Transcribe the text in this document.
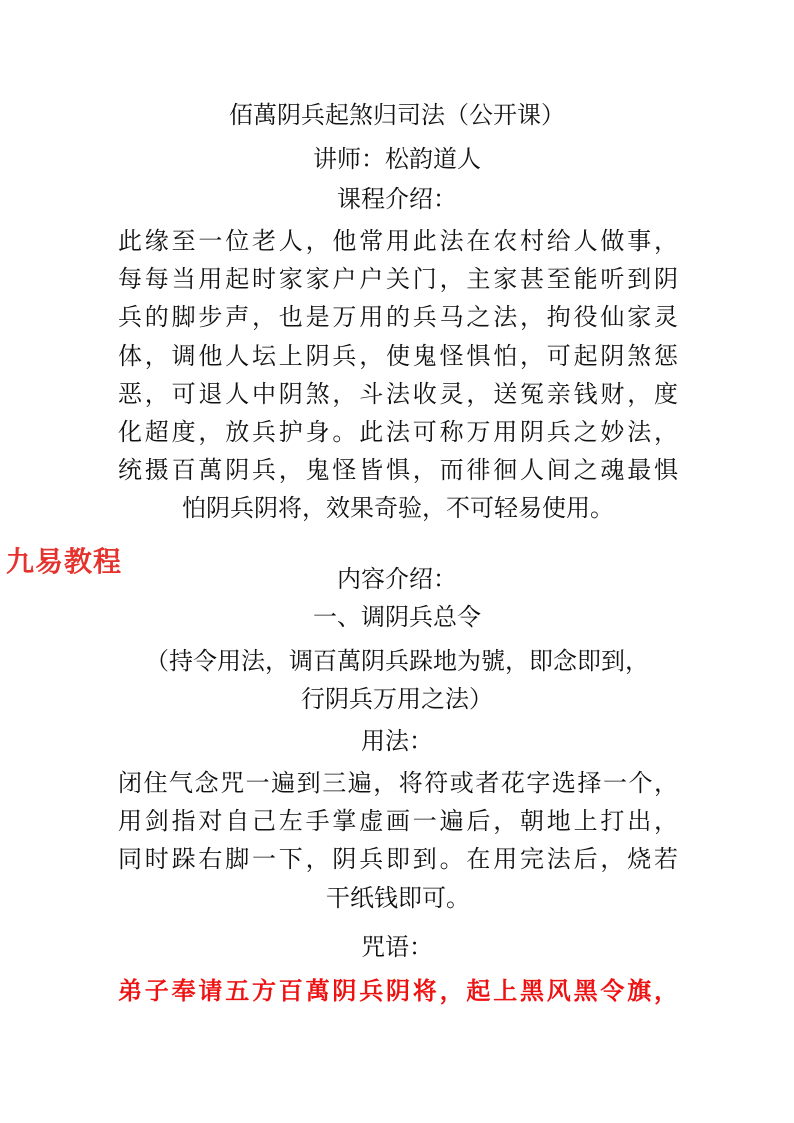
佰萬阴兵起煞归司法（公开课）
讲师：松韵道人
课程介绍：
此缘至一位老人，他常用此法在农村给人做事，
每每当用起时家家户户关门，主家甚至能听到阴
兵的脚步声，也是万用的兵马之法，拘役仙家灵
体，调他人坛上阴兵，使鬼怪惧怕，可起阴煞惩
恶，可退人中阴煞，斗法收灵，送冤亲钱财，度
化超度，放兵护身。此法可称万用阴兵之妙法，
统摄百萬阴兵，鬼怪皆惧，而徘徊人间之魂最惧
怕阴兵阴将，效果奇验，不可轻易使用。
九易教程
内容介绍：
一、调阴兵总令
（持令用法，调百萬阴兵跺地为號，即念即到，
行阴兵万用之法）
用法：
闭住气念咒一遍到三遍，将符或者花字选择一个，
用剑指对自己左手掌虚画一遍后，朝地上打出，
同时跺右脚一下，阴兵即到。在用完法后，烧若
干纸钱即可。
咒语：
弟子奉请五方百萬阴兵阴将，起上黑风黑令旗，
